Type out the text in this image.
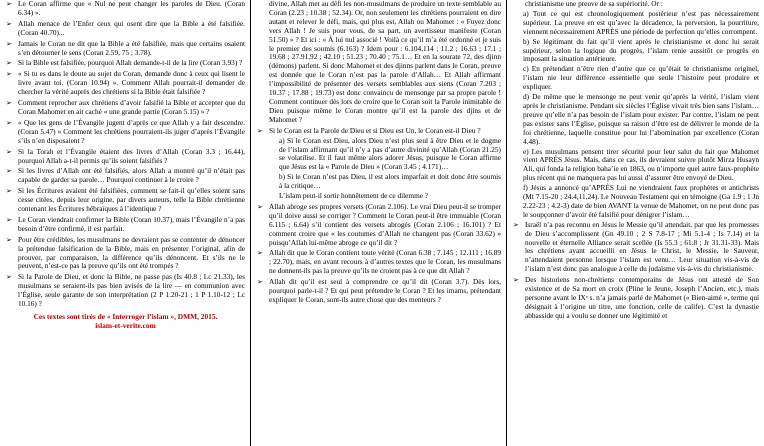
➢ Le Coran affirme que « Nul ne peut changer les paroles de Dieu. (Coran 6.34) ».

➢ Allah menace de l’Enfer ceux qui osent dire que la Bible a été falsifiée. (Coran 40.70)...

➢ Jamais le Coran ne dit que la Bible a été falsifiée, mais que certains osaient s’en détourner le sens (Coran 2.59, 75 ; 3.78).

➢ Si la Bible est falsifiée, pourquoi Allah demande-t-il de la lire (Coran 3.93) ?

➢ « Si tu es dans le doute au sujet du Coran, demande donc à ceux qui lisent le livre avant toi. (Coran 10.94) ». Comment Allah pourrait-il demander de chercher la vérité auprès des chrétiens si la Bible était falsifiée ?

➢ Comment reprocher aux chrétiens d’avoir falsifié la Bible et accepter que du Coran Mahomet en ait caché « une grande partie (Coran 5.15) » ?

➢ « Que les gens de l’Évangile jugent d’après ce que Allah y a fait descendre. (Coran 5.47) » Comment les chrétiens pourraient-ils juger d’après l’Évangile s’ils n’en disposaient ?

➢ Si la Torah et l’Évangile étaient des livres d’Allah (Coran 3.3 ; 16.44), pourquoi Allah a-t-il permis qu’ils soient falsifiés ?

➢ Si les livres d’Allah ont été falsifiés, alors Allah a montré qu’il n’était pas capable de garder sa parole… Pourquoi continuer à le croire ?

➢ Si les Écritures avaient été falsifiées, comment se fait-il qu’elles soient sans cesse citées, depuis leur origine, par divers auteurs, telle la Bible chrétienne contenant les Écritures hébraïques à l’identique ?

➢ Le Coran viendrait confirmer la Bible (Coran 10.37), mais l’Évangile n’a pas besoin d’être confirmé, il est parfait.

➢ Pour être crédibles, les musulmans ne devraient pas se contenter de dénoncer la prétendue falsification de la Bible, mais en présenter l’original, afin de prouver, par comparaison, la différence qu’ils dénoncent. Et s’ils ne le peuvent, n’est-ce pas la preuve qu’ils ont été trompés ?

➢ Si la Parole de Dieu, et donc la Bible, ne passe pas (Is 40.8 ; Lc 21.33), les musulmans se seraient-ils pas bien avisés de la lire — en communion avec l’Église, seule garante de son interprétation (2 P 1.20-21 ; 1 P 1.10-12 ; Lc 10.16) ?

Ces textes sont tirés de « Interroger l’islam », DMM, 2015.
islam-et-verite.com

divine, Allah met au défi les non-musulmans de produire un texte semblable au Coran (2.23 ; 10.38 ; 52.34). Or, non seulement les chrétiens pourraient en dire autant et relever le défi, mais, qui plus est, Allah ou Mahomet : « Fuyez donc vers Allah ! Je suis pour vous, de sa part, un avertisseur manifeste (Coran 51.50) » ? Et ici : « À lui nul associé ! Voilà ce qu’il m’a été ordonné et je suis le premier des soumis (6.163) ? Idem pour : 6.104,114 ; 11.2 ; 16.63 ; 17.1 ; 19.68 ; 27.91,92 ; 42.10 ; 51.23 ; 70.40 ; 75.1… Et en la sourate 72, des djinn (démons) parlent. Si donc Mahomet et des djinns parlent dans le Coran, preuve est donnée que le Coran n’est pas la parole d’Allah… Et Allah affirmant l’impossibilité de présenter des versets semblables aux siens (Coran 7.203 ; 10.37 ; 17.88 ; 19.73) est donc convaincu de mensonge par sa propre parole ! Comment continuer dès lors de croire que le Coran soit la Parole inimitable de Dieu puisque même le Coran montre qu’il est la parole des djins et de Mahomet ?

➢ Si le Coran est la Parole de Dieu et si Dieu est Un, le Coran est-il Dieu ?

a) Si le Coran est Dieu, alors Dieu n’est plus seul à être Dieu et le dogme de l’islam affirmant qu’il n’y a pas d’autre divinité qu’Allah (Coran 21.25) se volatilise. Et il faut même alors adorer Jésus, puisque le Coran affirme que Jésus est la « Parole de Dieu » (Coran 3.45 ; 4.171)…

b) Si le Coran n’est pas Dieu, il est alors imparfait et doit donc être soumis à la critique…

L’islam peut-il sortir honnêtement de ce dilemme ?

➢ Allah abroge ses propres versets (Coran 2.106). Le vrai Dieu peut-il se tromper qu’il doive aussi se corriger ? Comment le Coran peut-il être immuable (Coran 6.115 ; 6.64) s’il contient des versets abrogés (Coran 2.106 ; 16.101) ? Et comment croire que « les coutumes d’Allah ne changent pas (Coran 33.62) » puisqu’Allah lui-même abroge ce qu’il dit ?

➢ Allah dit que le Coran contient toute vérité (Coran 6.38 ; 7.145 ; 12.111 ; 16.89 ; 22.70), mais, en avant recours à d’autres textes que le Coran, les musulmans ne donnent-ils pas la preuve qu’ils ne croient pas à ce que dit Allah ?

➢ Allah dit qu’il est seul à comprendre ce qu’il dit (Coran 3.7). Dès lors, pourquoi parle-t-il ? Et qui peut prétendre le Coran ? Et les imams, prétendant expliquer le Coran, sont-ils autre chose que des menteurs ?

christianisme une preuve de sa supériorité. Or :

a) Tout ce qui est chronologiquement postérieur n’est pas nécessairement supérieur. La preuve en est qu’avec la décadence, la perversion, la pourriture, viennent nécessairement APRÈS une période de perfection qu’elles corrompent.

b) Se légitimant du fait qu’il vient après le christianisme et donc lui serait supérieur, selon la logique du progrès, l’islam renie aussitôt ce progrès en imposant la situation antérieure.

c) En prétendant n’être rien d’autre que ce qu’était le christianisme originel, l’islam nie leur différence essentielle que seule l’histoire peut produire et expliquer.

d) De même que le mensonge ne peut venir qu’après la vérité, l’islam vient après le christianisme. Pendant six siècles l’Église vivait très bien sans l’islam… preuve qu’elle n’a pas besoin de l’islam pour exister. Par contre, l’islam ne peut pas exister sans l’Église, puisque sa raison d’être est de délivrer le monde de la foi chrétienne, laquelle constitue pour lui l’abomination par excellence (Coran 4.48).

e) Les musulmans pensent tirer sécurité pour leur salut du fait que Mahomet vient APRÈS Jésus. Mais, dans ce cas, ils devraient suivre plutôt Mirza Husayn Ali, qui fonda la religion baha’ie en 1863, ou n’importe quel autre faux-prophète plus récent qui ne manquera pas lui aussi d’assurer être envoyé de Dieu.

f) Jésus a annoncé qu’APRÈS Lui ne viendraient faux prophètes et antichrists (Mt 7.15-20 ; 24.4,11,24). Le Nouveau Testament qui en témoigne (Ga 1.9 ; 1 Jn 2.22-23 ; 4.2-3) date de bien AVANT la venue de Mahomet, on ne peut donc pas le soupçonner d’avoir été falsifié pour dénigrer l’islam…

➢ Israël n’a pas reconnu en Jésus le Messie qu’il attendait, par que les promesses de Dieu s’accomplissent (Gn 49.10 ; 2 S 7.8-17 ; Mi 5.1-4 ; Is 7.14) et la nouvelle et éternelle Alliance serait scellée (Is 55.3 ; 61.8 ; Jr 31.31-33). Mais les chrétiens ayant accueilli en Jésus le Christ, le Messie, le Sauveur, n’attendaient personne lorsque l’islam est venu… Leur situation vis-à-vis de l’islam n’est donc pas analogue à celle du judaïsme vis-à-vis du christianisme.

➢ Des historiens non-chrétiens contemporains de Jésus ont attesté de Son existence et de Sa mort en croix (Pline le Jeune, Joseph l’Ancien, etc.), mais personne avant le IXᵉ s. n’a jamais parlé de Mahomet (« Bien-aimé », terme qui désignait à l’origine un titre, une fonction, celle de calife). C’est la dynastie abbasside qui a voulu se donner une légitimité et
